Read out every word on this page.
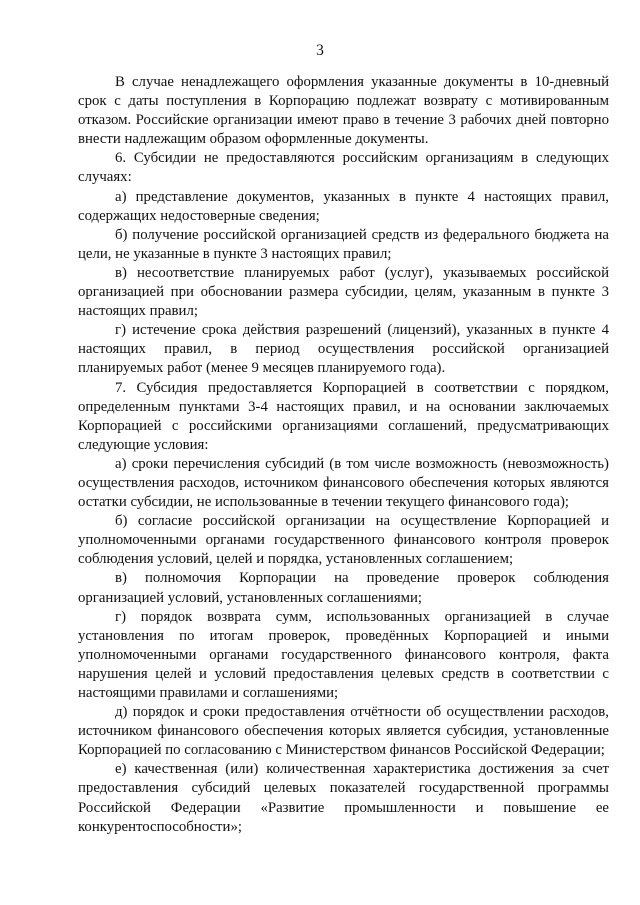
3

В случае ненадлежащего оформления указанные документы в 10-дневный срок с даты поступления в Корпорацию подлежат возврату с мотивированным отказом. Российские организации имеют право в течение 3 рабочих дней повторно внести надлежащим образом оформленные документы.

6. Субсидии не предоставляются российским организациям в следующих случаях:

а) представление документов, указанных в пункте 4 настоящих правил, содержащих недостоверные сведения;

б) получение российской организацией средств из федерального бюджета на цели, не указанные в пункте 3 настоящих правил;

в) несоответствие планируемых работ (услуг), указываемых российской организацией при обосновании размера субсидии, целям, указанным в пункте 3 настоящих правил;

г) истечение срока действия разрешений (лицензий), указанных в пункте 4 настоящих правил, в период осуществления российской организацией планируемых работ (менее 9 месяцев планируемого года).

7. Субсидия предоставляется Корпорацией в соответствии с порядком, определенным пунктами 3-4 настоящих правил, и на основании заключаемых Корпорацией с российскими организациями соглашений, предусматривающих следующие условия:

а) сроки перечисления субсидий (в том числе возможность (невозможность) осуществления расходов, источником финансового обеспечения которых являются остатки субсидии, не использованные в течении текущего финансового года);

б) согласие российской организации на осуществление Корпорацией и уполномоченными органами государственного финансового контроля проверок соблюдения условий, целей и порядка, установленных соглашением;

в) полномочия Корпорации на проведение проверок соблюдения организацией условий, установленных соглашениями;

г) порядок возврата сумм, использованных организацией в случае установления по итогам проверок, проведённых Корпорацией и иными уполномоченными органами государственного финансового контроля, факта нарушения целей и условий предоставления целевых средств в соответствии с настоящими правилами и соглашениями;

д) порядок и сроки предоставления отчётности об осуществлении расходов, источником финансового обеспечения которых является субсидия, установленные Корпорацией по согласованию с Министерством финансов Российской Федерации;

е) качественная (или) количественная характеристика достижения за счет предоставления субсидий целевых показателей государственной программы Российской Федерации «Развитие промышленности и повышение ее конкурентоспособности»;
